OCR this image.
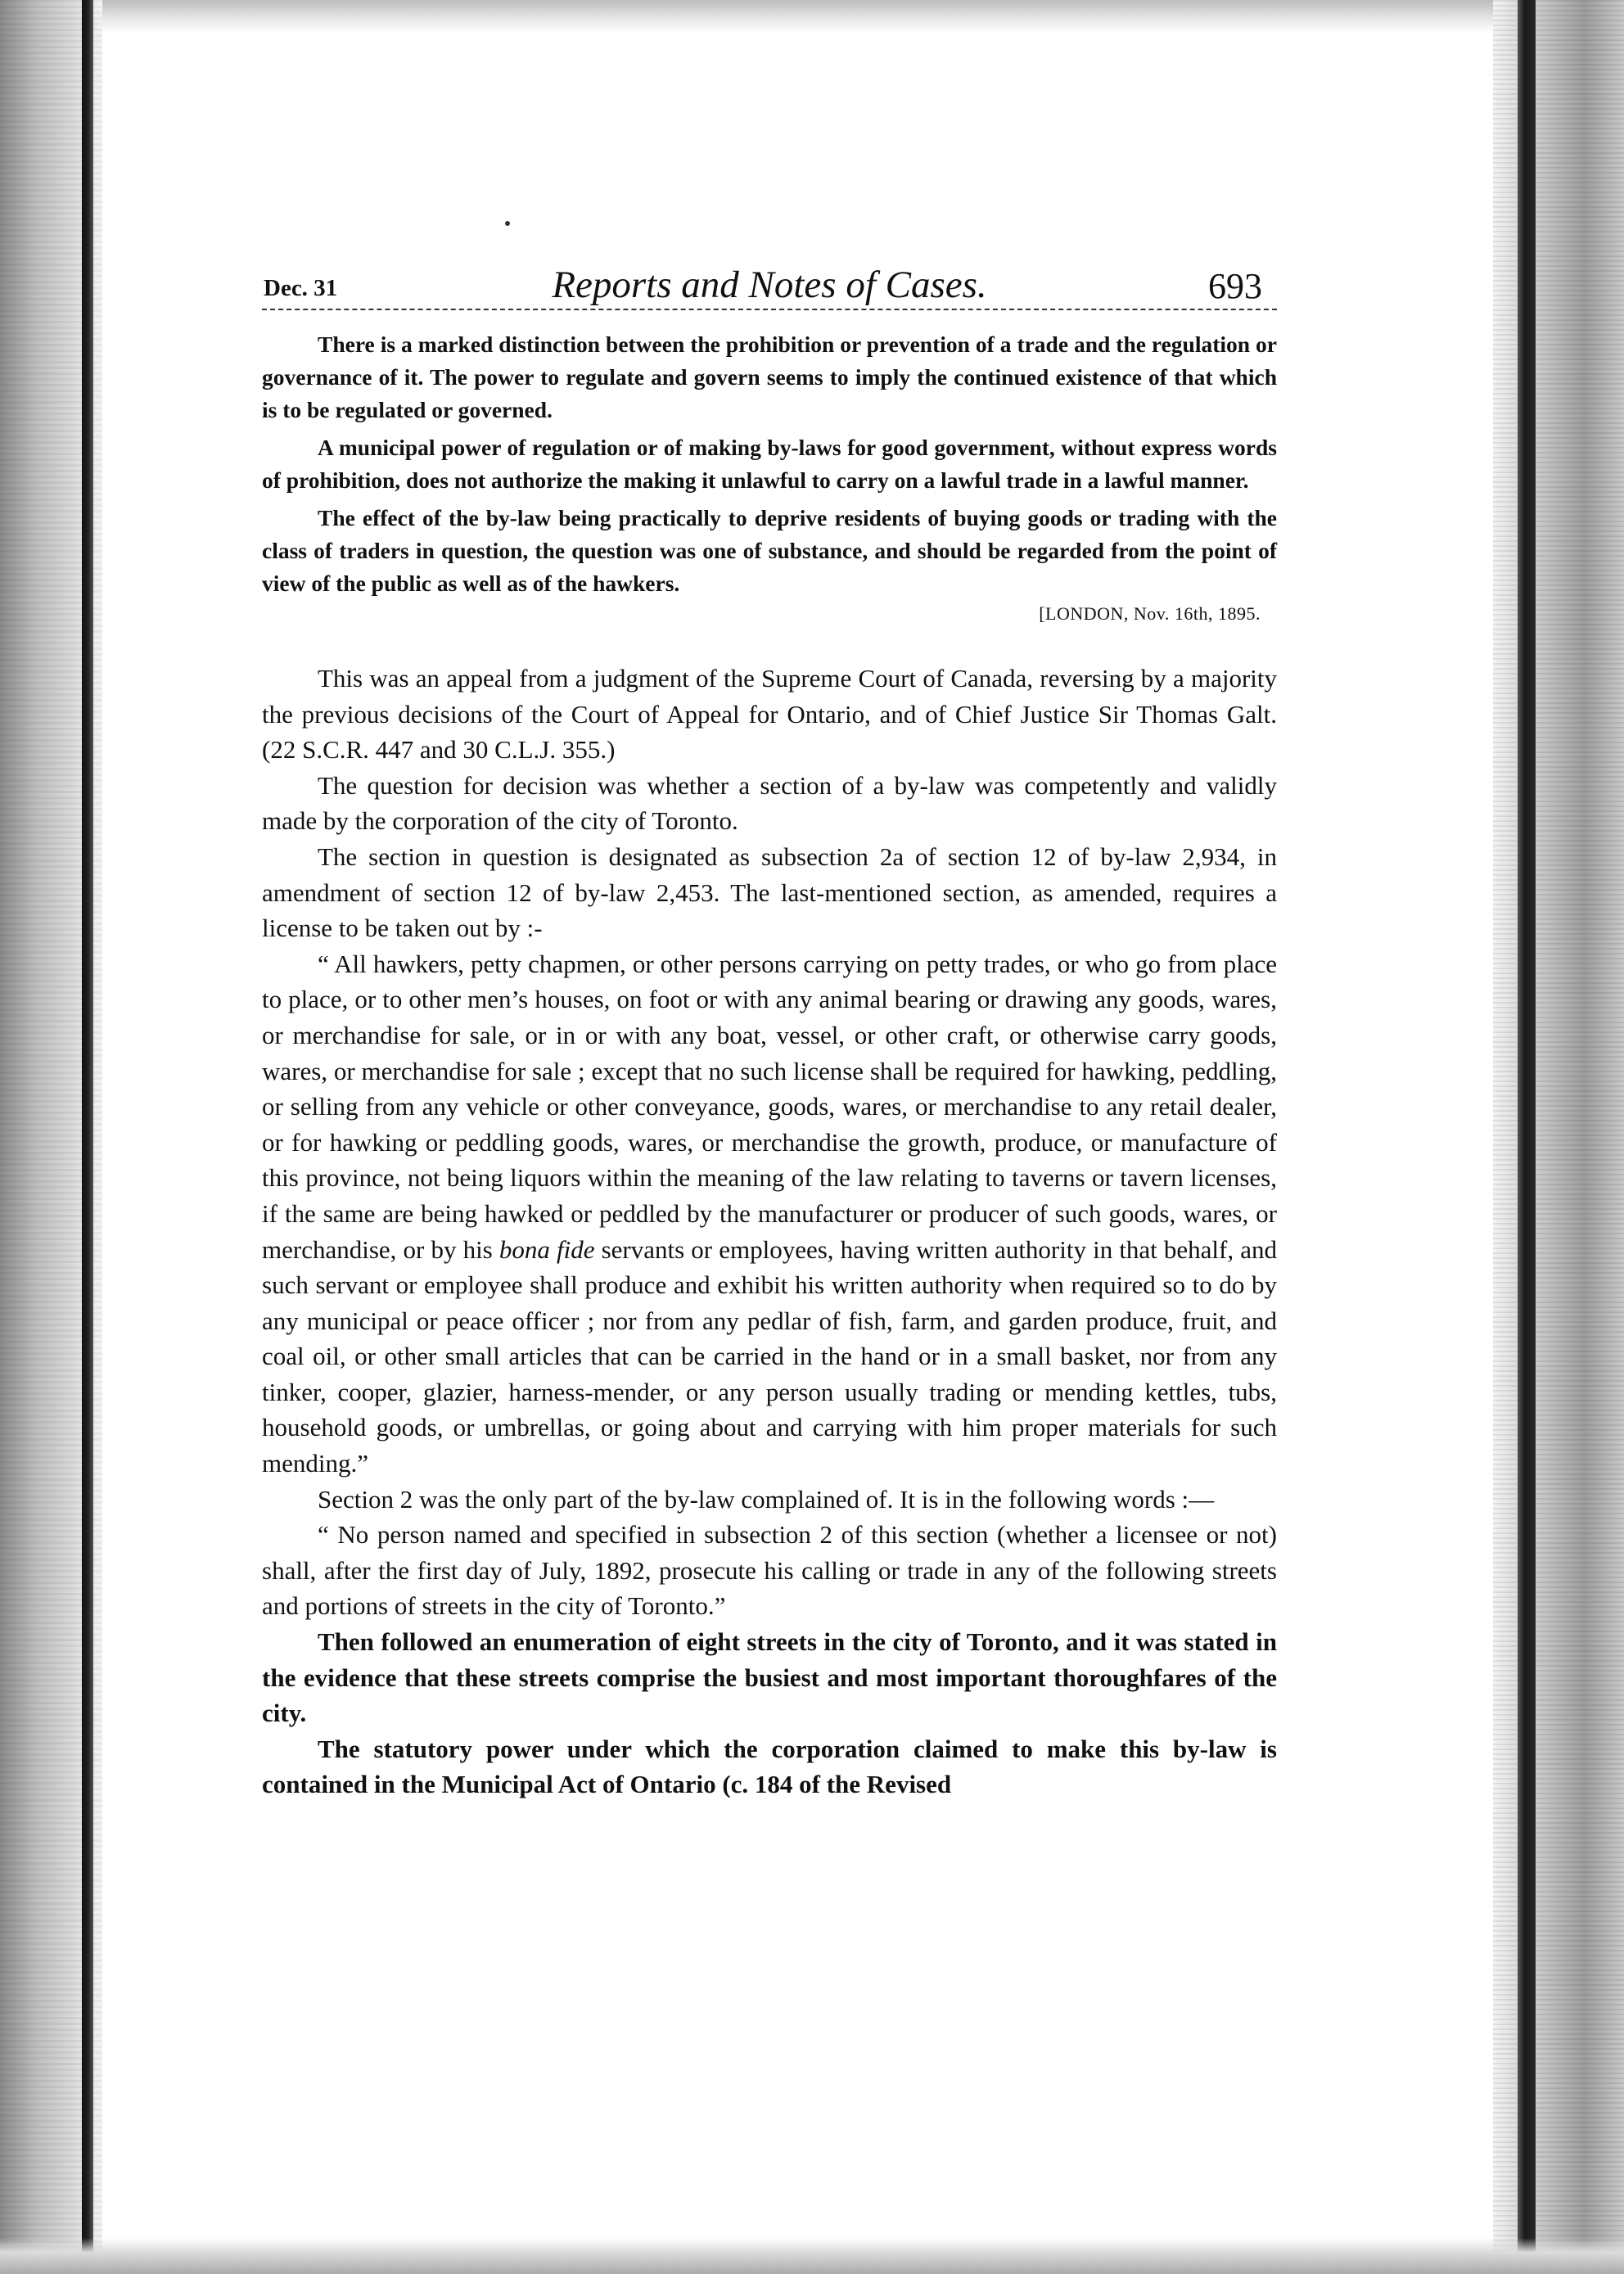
Dec. 31	Reports and Notes of Cases.	693

There is a marked distinction between the prohibition or prevention of a trade and the regulation or governance of it. The power to regulate and govern seems to imply the continued existence of that which is to be regulated or governed.

A municipal power of regulation or of making by-laws for good government, without express words of prohibition, does not authorize the making it unlawful to carry on a lawful trade in a lawful manner.

The effect of the by-law being practically to deprive residents of buying goods or trading with the class of traders in question, the question was one of substance, and should be regarded from the point of view of the public as well as of the hawkers.

[LONDON, Nov. 16th, 1895.

This was an appeal from a judgment of the Supreme Court of Canada, reversing by a majority the previous decisions of the Court of Appeal for Ontario, and of Chief Justice Sir Thomas Galt. (22 S.C.R. 447 and 30 C.L.J. 355.)

The question for decision was whether a section of a by-law was competently and validly made by the corporation of the city of Toronto.

The section in question is designated as subsection 2a of section 12 of by-law 2,934, in amendment of section 12 of by-law 2,453. The last-mentioned section, as amended, requires a license to be taken out by :-

“ All hawkers, petty chapmen, or other persons carrying on petty trades, or who go from place to place, or to other men’s houses, on foot or with any animal bearing or drawing any goods, wares, or merchandise for sale, or in or with any boat, vessel, or other craft, or otherwise carry goods, wares, or merchandise for sale ; except that no such license shall be required for hawking, peddling, or selling from any vehicle or other conveyance, goods, wares, or merchandise to any retail dealer, or for hawking or peddling goods, wares, or merchandise the growth, produce, or manufacture of this province, not being liquors within the meaning of the law relating to taverns or tavern licenses, if the same are being hawked or peddled by the manufacturer or producer of such goods, wares, or merchandise, or by his bona fide servants or employees, having written authority in that behalf, and such servant or employee shall produce and exhibit his written authority when required so to do by any municipal or peace officer ; nor from any pedlar of fish, farm, and garden produce, fruit, and coal oil, or other small articles that can be carried in the hand or in a small basket, nor from any tinker, cooper, glazier, harness-mender, or any person usually trading or mending kettles, tubs, household goods, or umbrellas, or going about and carrying with him proper materials for such mending.”

Section 2 was the only part of the by-law complained of. It is in the following words :—

“ No person named and specified in subsection 2 of this section (whether a licensee or not) shall, after the first day of July, 1892, prosecute his calling or trade in any of the following streets and portions of streets in the city of Toronto.”

Then followed an enumeration of eight streets in the city of Toronto, and it was stated in the evidence that these streets comprise the busiest and most important thoroughfares of the city.

The statutory power under which the corporation claimed to make this by-law is contained in the Municipal Act of Ontario (c. 184 of the Revised
